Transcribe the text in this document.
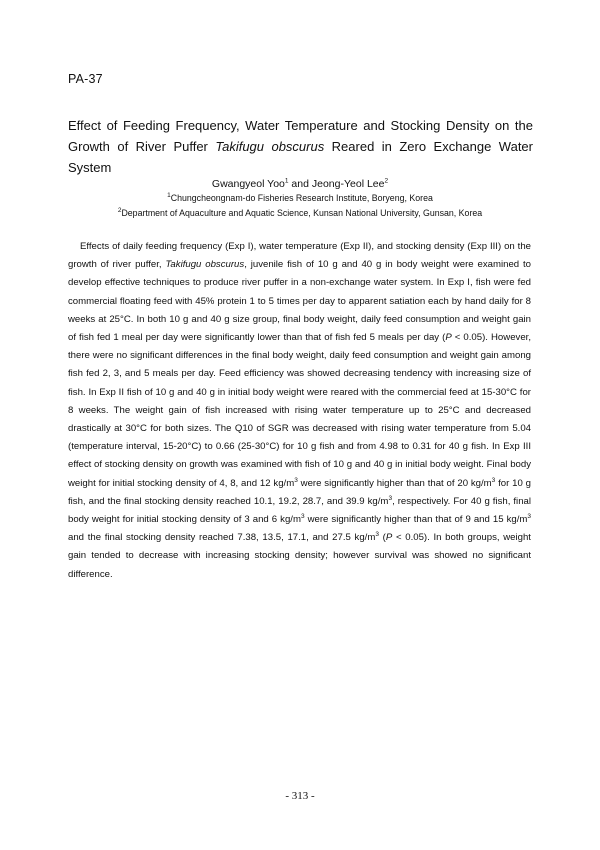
PA-37
Effect of Feeding Frequency, Water Temperature and Stocking Density on the Growth of River Puffer Takifugu obscurus Reared in Zero Exchange Water System
Gwangyeol Yoo$^1$ and Jeong-Yeol Lee$^2$
$^1$Chungcheongnam-do Fisheries Research Institute, Boryeng, Korea
$^2$Department of Aquaculture and Aquatic Science, Kunsan National University, Gunsan, Korea
Effects of daily feeding frequency (Exp I), water temperature (Exp II), and stocking density (Exp III) on the growth of river puffer, Takifugu obscurus, juvenile fish of 10 g and 40 g in body weight were examined to develop effective techniques to produce river puffer in a non-exchange water system. In Exp I, fish were fed commercial floating feed with 45% protein 1 to 5 times per day to apparent satiation each by hand daily for 8 weeks at 25°C. In both 10 g and 40 g size group, final body weight, daily feed consumption and weight gain of fish fed 1 meal per day were significantly lower than that of fish fed 5 meals per day (P < 0.05). However, there were no significant differences in the final body weight, daily feed consumption and weight gain among fish fed 2, 3, and 5 meals per day. Feed efficiency was showed decreasing tendency with increasing size of fish. In Exp II fish of 10 g and 40 g in initial body weight were reared with the commercial feed at 15-30°C for 8 weeks. The weight gain of fish increased with rising water temperature up to 25°C and decreased drastically at 30°C for both sizes. The Q10 of SGR was decreased with rising water temperature from 5.04 (temperature interval, 15-20°C) to 0.66 (25-30°C) for 10 g fish and from 4.98 to 0.31 for 40 g fish. In Exp III effect of stocking density on growth was examined with fish of 10 g and 40 g in initial body weight. Final body weight for initial stocking density of 4, 8, and 12 $kg/m^3$ were significantly higher than that of 20 $kg/m^3$ for 10 g fish, and the final stocking density reached 10.1, 19.2, 28.7, and 39.9 $kg/m^3$, respectively. For 40 g fish, final body weight for initial stocking density of 3 and 6 $kg/m^3$ were significantly higher than that of 9 and 15 $kg/m^3$ and the final stocking density reached 7.38, 13.5, 17.1, and 27.5 $kg/m^3$ (P < 0.05). In both groups, weight gain tended to decrease with increasing stocking density; however survival was showed no significant difference.
- 313 -
